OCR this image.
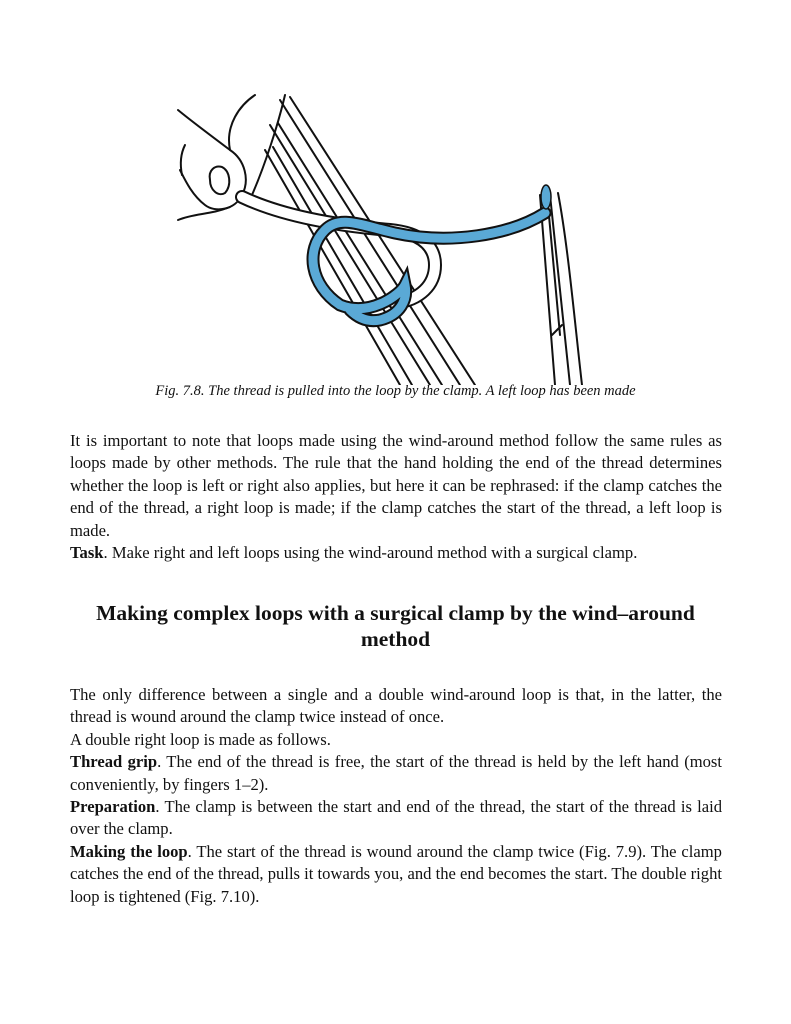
Fig. 7.8. The thread is pulled into the loop by the clamp. A left loop has been made
It is important to note that loops made using the wind-around method follow the same rules as loops made by other methods. The rule that the hand holding the end of the thread determines whether the loop is left or right also applies, but here it can be rephrased: if the clamp catches the end of the thread, a right loop is made; if the clamp catches the start of the thread, a left loop is made.
Task. Make right and left loops using the wind-around method with a surgical clamp.
Making complex loops with a surgical clamp by the wind–around method
The only difference between a single and a double wind-around loop is that, in the latter, the thread is wound around the clamp twice instead of once.
A double right loop is made as follows.
Thread grip. The end of the thread is free, the start of the thread is held by the left hand (most conveniently, by fingers 1–2).
Preparation. The clamp is between the start and end of the thread, the start of the thread is laid over the clamp.
Making the loop. The start of the thread is wound around the clamp twice (Fig. 7.9). The clamp catches the end of the thread, pulls it towards you, and the end becomes the start. The double right loop is tightened (Fig. 7.10).
